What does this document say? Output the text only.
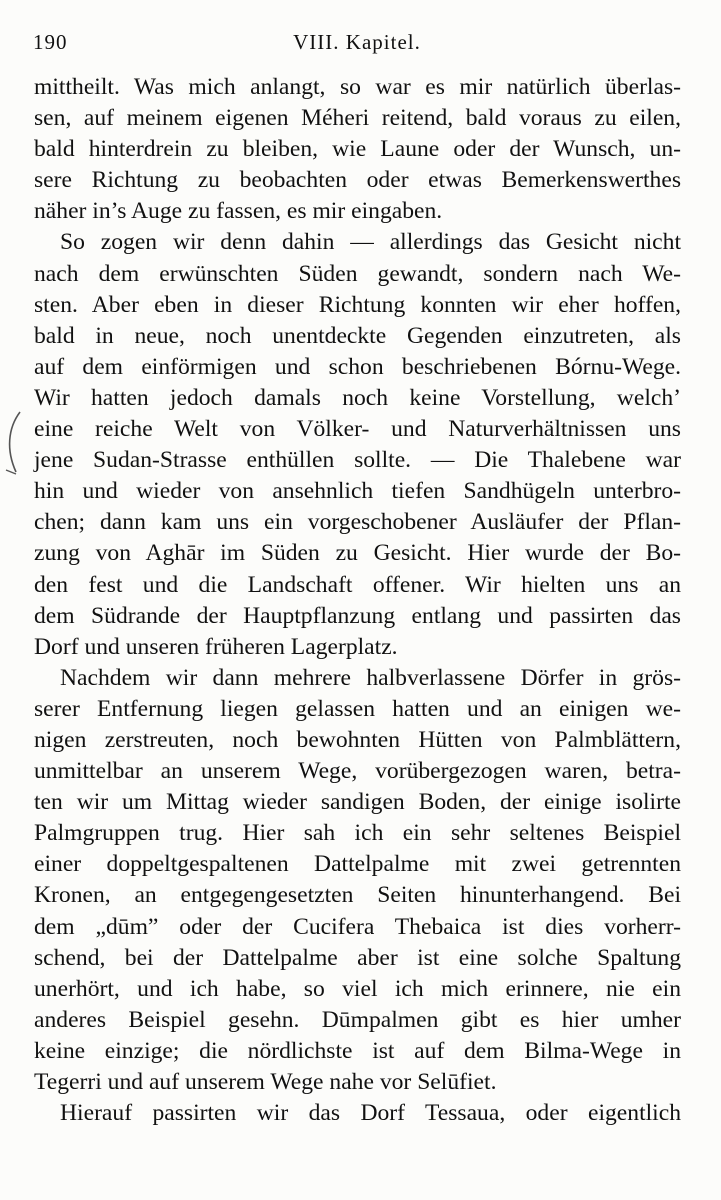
190	VIII. Kapitel.
mittheilt. Was mich anlangt, so war es mir natürlich überlas-
sen, auf meinem eigenen Méheri reitend, bald voraus zu eilen,
bald hinterdrein zu bleiben, wie Laune oder der Wunsch, un-
sere Richtung zu beobachten oder etwas Bemerkenswerthes
näher in’s Auge zu fassen, es mir eingaben.
So zogen wir denn dahin — allerdings das Gesicht nicht
nach dem erwünschten Süden gewandt, sondern nach We-
sten. Aber eben in dieser Richtung konnten wir eher hoffen,
bald in neue, noch unentdeckte Gegenden einzutreten, als
auf dem einförmigen und schon beschriebenen Bórnu-Wege.
Wir hatten jedoch damals noch keine Vorstellung, welch’
eine reiche Welt von Völker- und Naturverhältnissen uns
jene Sudan-Strasse enthüllen sollte. — Die Thalebene war
hin und wieder von ansehnlich tiefen Sandhügeln unterbro-
chen; dann kam uns ein vorgeschobener Ausläufer der Pflan-
zung von Aghār im Süden zu Gesicht. Hier wurde der Bo-
den fest und die Landschaft offener. Wir hielten uns an
dem Südrande der Hauptpflanzung entlang und passirten das
Dorf und unseren früheren Lagerplatz.
Nachdem wir dann mehrere halbverlassene Dörfer in grös-
serer Entfernung liegen gelassen hatten und an einigen we-
nigen zerstreuten, noch bewohnten Hütten von Palmblättern,
unmittelbar an unserem Wege, vorübergezogen waren, betra-
ten wir um Mittag wieder sandigen Boden, der einige isolirte
Palmgruppen trug. Hier sah ich ein sehr seltenes Beispiel
einer doppeltgespaltenen Dattelpalme mit zwei getrennten
Kronen, an entgegengesetzten Seiten hinunterhangend. Bei
dem „dūm” oder der Cucifera Thebaica ist dies vorherr-
schend, bei der Dattelpalme aber ist eine solche Spaltung
unerhört, und ich habe, so viel ich mich erinnere, nie ein
anderes Beispiel gesehn. Dūmpalmen gibt es hier umher
keine einzige; die nördlichste ist auf dem Bilma-Wege in
Tegerri und auf unserem Wege nahe vor Selūfiet.
Hierauf passirten wir das Dorf Tessaua, oder eigentlich
